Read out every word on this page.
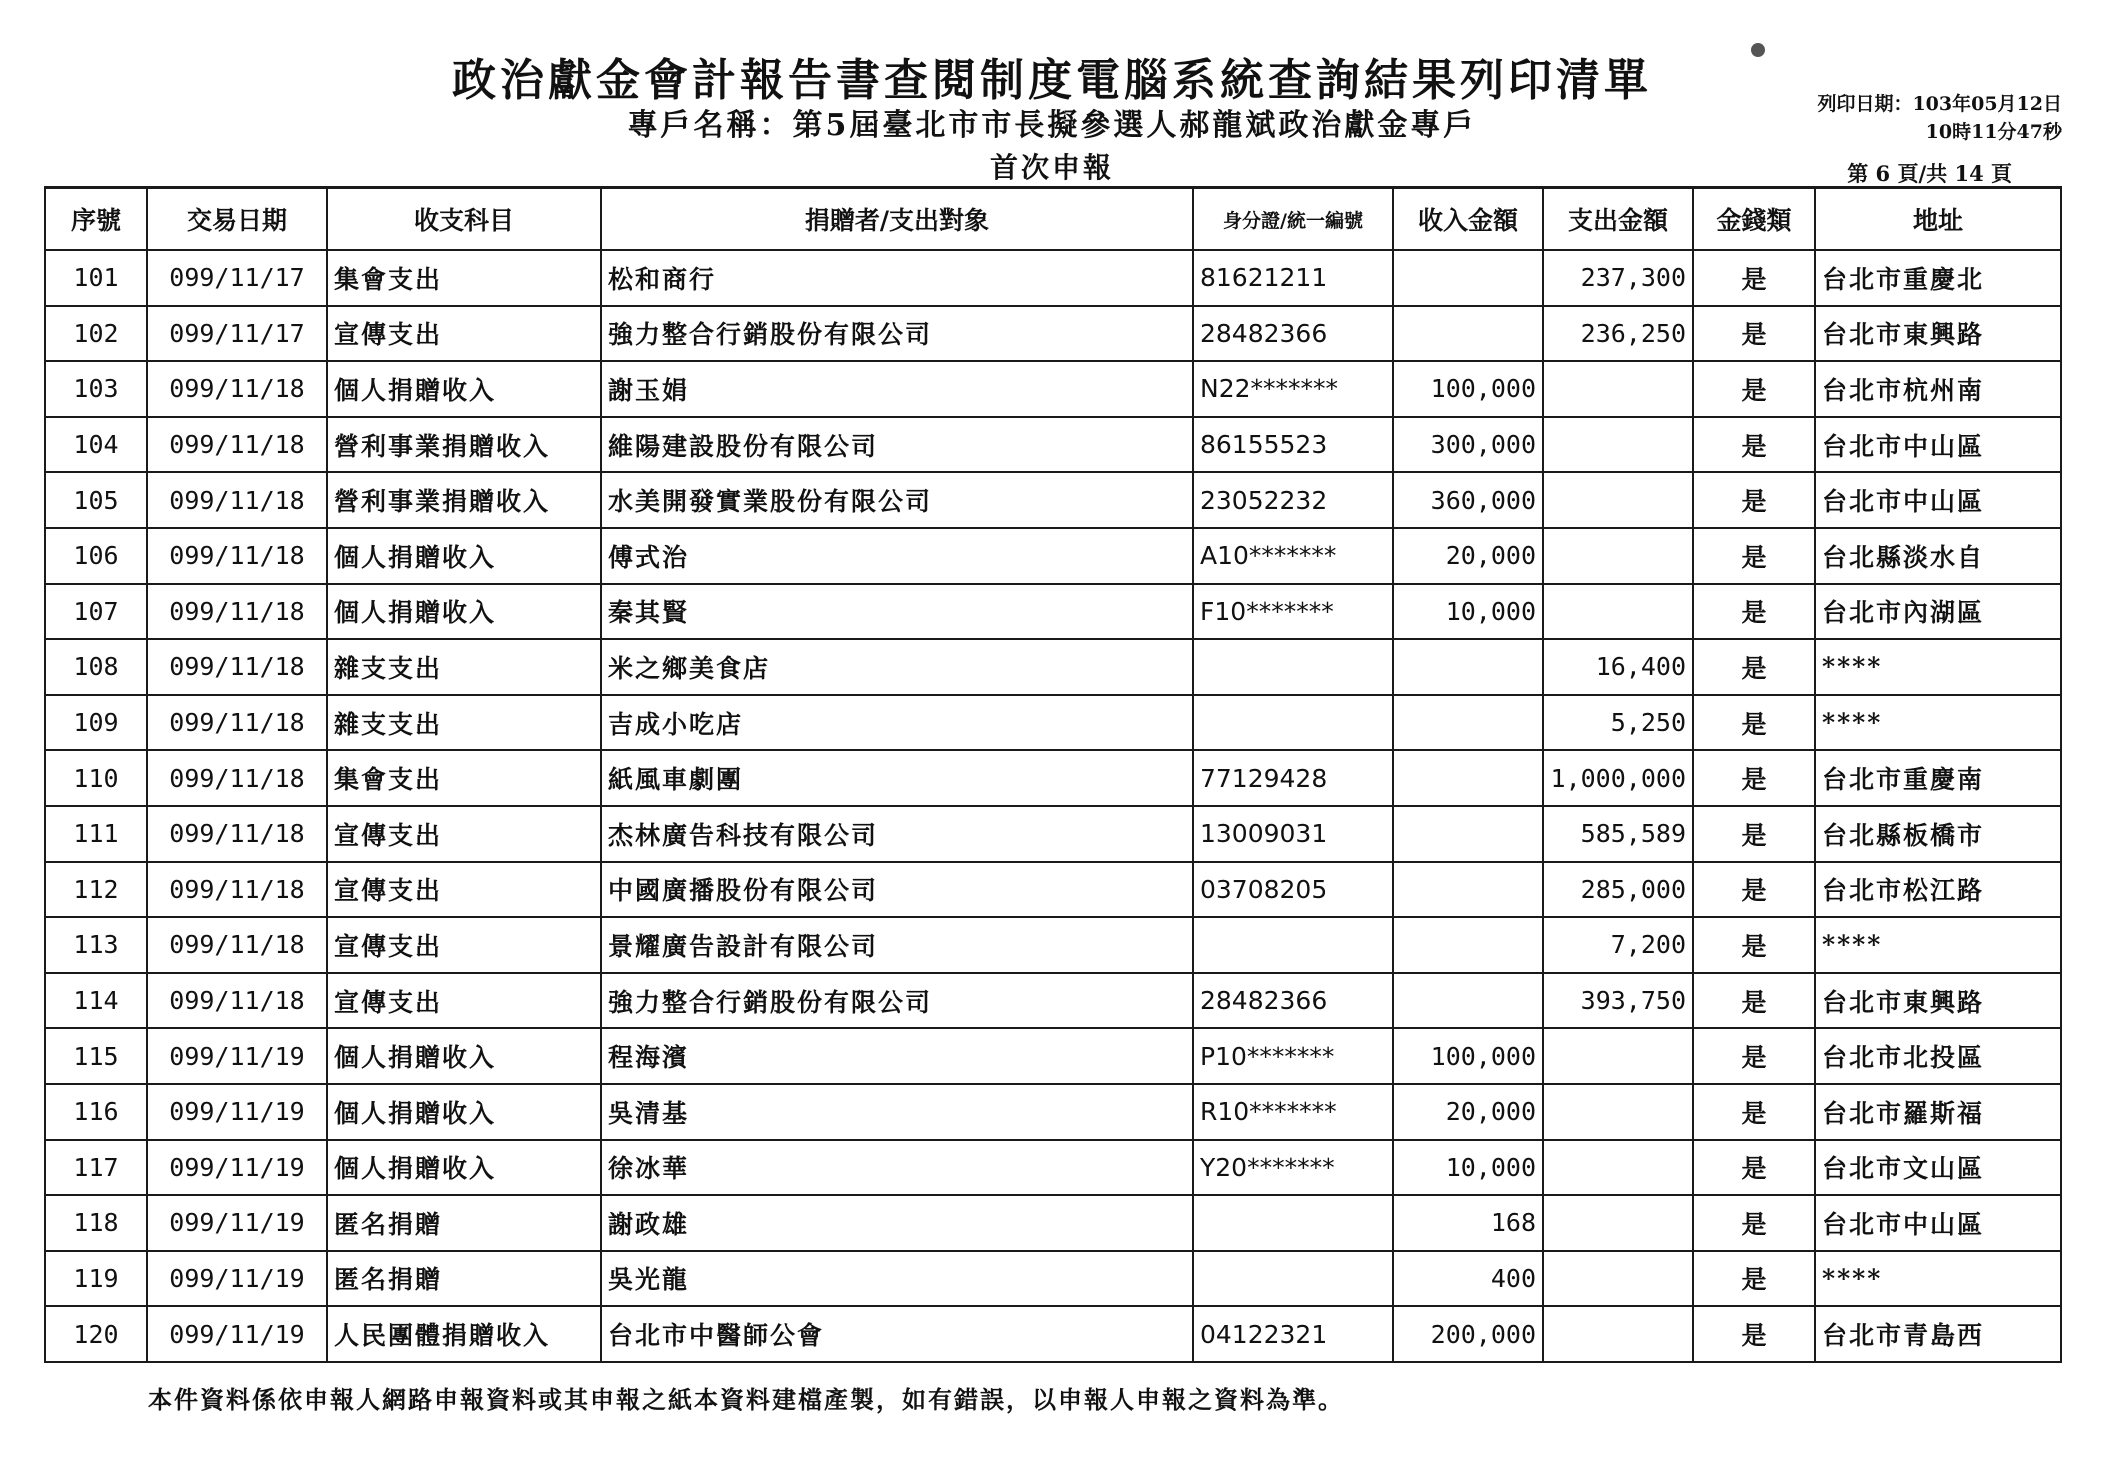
政治獻金會計報告書查閱制度電腦系統查詢結果列印清單
專戶名稱：第5屆臺北市市長擬參選人郝龍斌政治獻金專戶
首次申報
列印日期：103年05月12日
10時11分47秒
第 6 頁/共 14 頁
序號	交易日期	收支科目	捐贈者/支出對象	身分證/統一編號	收入金額	支出金額	金錢類	地址
101	099/11/17	集會支出	松和商行	81621211		237,300	是	台北市重慶北
102	099/11/17	宣傳支出	強力整合行銷股份有限公司	28482366		236,250	是	台北市東興路
103	099/11/18	個人捐贈收入	謝玉娟	N22*******	100,000		是	台北市杭州南
104	099/11/18	營利事業捐贈收入	維陽建設股份有限公司	86155523	300,000		是	台北市中山區
105	099/11/18	營利事業捐贈收入	水美開發實業股份有限公司	23052232	360,000		是	台北市中山區
106	099/11/18	個人捐贈收入	傅式治	A10*******	20,000		是	台北縣淡水自
107	099/11/18	個人捐贈收入	秦其賢	F10*******	10,000		是	台北市內湖區
108	099/11/18	雜支支出	米之鄉美食店			16,400	是	****
109	099/11/18	雜支支出	吉成小吃店			5,250	是	****
110	099/11/18	集會支出	紙風車劇團	77129428		1,000,000	是	台北市重慶南
111	099/11/18	宣傳支出	杰林廣告科技有限公司	13009031		585,589	是	台北縣板橋市
112	099/11/18	宣傳支出	中國廣播股份有限公司	03708205		285,000	是	台北市松江路
113	099/11/18	宣傳支出	景耀廣告設計有限公司			7,200	是	****
114	099/11/18	宣傳支出	強力整合行銷股份有限公司	28482366		393,750	是	台北市東興路
115	099/11/19	個人捐贈收入	程海濱	P10*******	100,000		是	台北市北投區
116	099/11/19	個人捐贈收入	吳清基	R10*******	20,000		是	台北市羅斯福
117	099/11/19	個人捐贈收入	徐冰華	Y20*******	10,000		是	台北市文山區
118	099/11/19	匿名捐贈	謝政雄		168		是	台北市中山區
119	099/11/19	匿名捐贈	吳光龍		400		是	****
120	099/11/19	人民團體捐贈收入	台北市中醫師公會	04122321	200,000		是	台北市青島西
本件資料係依申報人網路申報資料或其申報之紙本資料建檔產製，如有錯誤，以申報人申報之資料為準。
